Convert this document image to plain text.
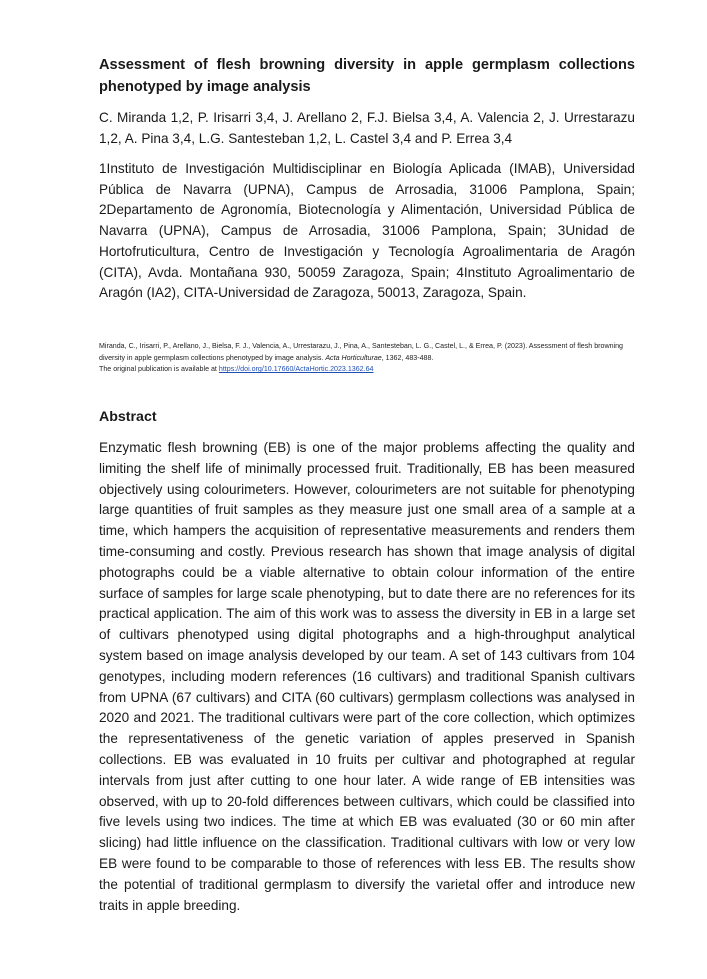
Assessment of flesh browning diversity in apple germplasm collections phenotyped by image analysis

C. Miranda 1,2, P. Irisarri 3,4, J. Arellano 2, F.J. Bielsa 3,4, A. Valencia 2, J. Urrestarazu 1,2, A. Pina 3,4, L.G. Santesteban 1,2, L. Castel 3,4 and P. Errea 3,4

1Instituto de Investigación Multidisciplinar en Biología Aplicada (IMAB), Universidad Pública de Navarra (UPNA), Campus de Arrosadia, 31006 Pamplona, Spain; 2Departamento de Agronomía, Biotecnología y Alimentación, Universidad Pública de Navarra (UPNA), Campus de Arrosadia, 31006 Pamplona, Spain; 3Unidad de Hortofruticultura, Centro de Investigación y Tecnología Agroalimentaria de Aragón (CITA), Avda. Montañana 930, 50059 Zaragoza, Spain; 4Instituto Agroalimentario de Aragón (IA2), CITA-Universidad de Zaragoza, 50013, Zaragoza, Spain.

Miranda, C., Irisarri, P., Arellano, J., Bielsa, F. J., Valencia, A., Urrestarazu, J., Pina, A., Santesteban, L. G., Castel, L., & Errea, P. (2023). Assessment of flesh browning diversity in apple germplasm collections phenotyped by image analysis. Acta Horticulturae, 1362, 483-488.
The original publication is available at https://doi.org/10.17660/ActaHortic.2023.1362.64

Abstract

Enzymatic flesh browning (EB) is one of the major problems affecting the quality and limiting the shelf life of minimally processed fruit. Traditionally, EB has been measured objectively using colourimeters. However, colourimeters are not suitable for phenotyping large quantities of fruit samples as they measure just one small area of a sample at a time, which hampers the acquisition of representative measurements and renders them time-consuming and costly. Previous research has shown that image analysis of digital photographs could be a viable alternative to obtain colour information of the entire surface of samples for large scale phenotyping, but to date there are no references for its practical application. The aim of this work was to assess the diversity in EB in a large set of cultivars phenotyped using digital photographs and a high-throughput analytical system based on image analysis developed by our team. A set of 143 cultivars from 104 genotypes, including modern references (16 cultivars) and traditional Spanish cultivars from UPNA (67 cultivars) and CITA (60 cultivars) germplasm collections was analysed in 2020 and 2021. The traditional cultivars were part of the core collection, which optimizes the representativeness of the genetic variation of apples preserved in Spanish collections. EB was evaluated in 10 fruits per cultivar and photographed at regular intervals from just after cutting to one hour later. A wide range of EB intensities was observed, with up to 20-fold differences between cultivars, which could be classified into five levels using two indices. The time at which EB was evaluated (30 or 60 min after slicing) had little influence on the classification. Traditional cultivars with low or very low EB were found to be comparable to those of references with less EB. The results show the potential of traditional germplasm to diversify the varietal offer and introduce new traits in apple breeding.
